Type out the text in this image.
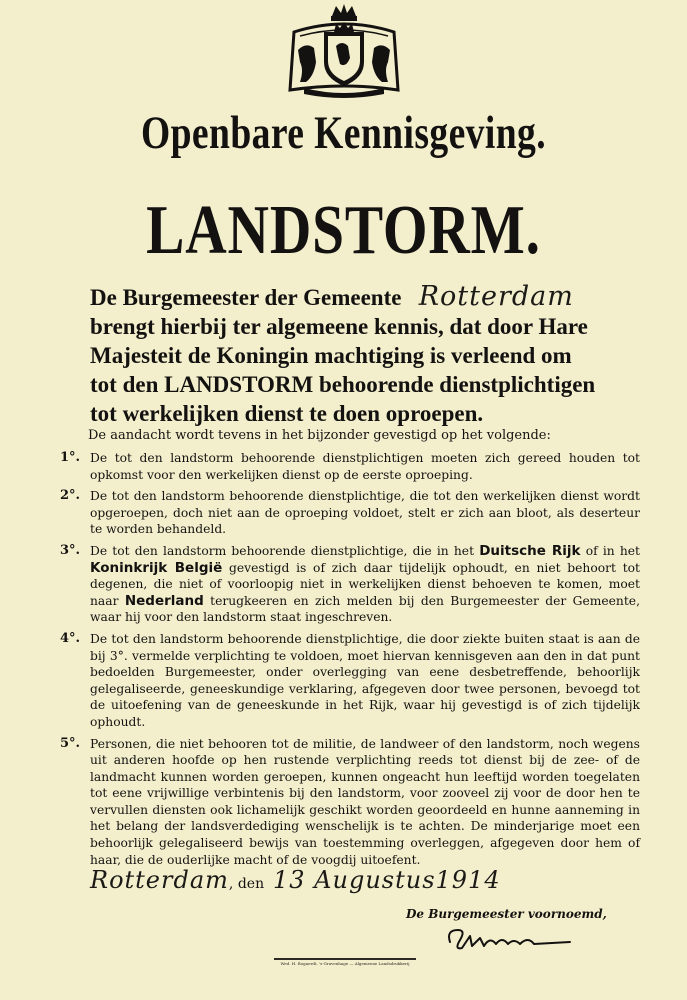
Openbare Kennisgeving.
LANDSTORM.
De Burgemeester der Gemeente Rotterdam
brengt hierbij ter algemeene kennis, dat door Hare
Majesteit de Koningin machtiging is verleend om
tot den LANDSTORM behoorende dienstplichtigen
tot werkelijken dienst te doen oproepen.
De aandacht wordt tevens in het bijzonder gevestigd op het volgende:
1°. De tot den landstorm behoorende dienstplichtigen moeten zich gereed houden tot opkomst voor den werkelijken dienst op de eerste oproeping.
2°. De tot den landstorm behoorende dienstplichtige, die tot den werkelijken dienst wordt opgeroepen, doch niet aan de oproeping voldoet, stelt er zich aan bloot, als deserteur te worden behandeld.
3°. De tot den landstorm behoorende dienstplichtige, die in het Duitsche Rijk of in het Koninkrijk België gevestigd is of zich daar tijdelijk ophoudt, en niet behoort tot degenen, die niet of voorloopig niet in werkelijken dienst behoeven te komen, moet naar Nederland terugkeeren en zich melden bij den Burgemeester der Gemeente, waar hij voor den landstorm staat ingeschreven.
4°. De tot den landstorm behoorende dienstplichtige, die door ziekte buiten staat is aan de bij 3°. vermelde verplichting te voldoen, moet hiervan kennisgeven aan den in dat punt bedoelden Burgemeester, onder overlegging van eene desbetreffende, behoorlijk gelegaliseerde, geneeskundige verklaring, afgegeven door twee personen, bevoegd tot de uitoefening van de geneeskunde in het Rijk, waar hij gevestigd is of zich tijdelijk ophoudt.
5°. Personen, die niet behooren tot de militie, de landweer of den landstorm, noch wegens uit anderen hoofde op hen rustende verplichting reeds tot dienst bij de zee- of de landmacht kunnen worden geroepen, kunnen ongeacht hun leeftijd worden toegelaten tot eene vrijwillige verbintenis bij den landstorm, voor zooveel zij voor de door hen te vervullen diensten ook lichamelijk geschikt worden geoordeeld en hunne aanneming in het belang der landsverdediging wenschelijk is te achten. De minderjarige moet een behoorlijk gelegaliseerd bewijs van toestemming overleggen, afgegeven door hem of haar, die de ouderlijke macht of de voogdij uitoefent.
Rotterdam, den 13 Augustus1914
De Burgemeester voornoemd,
Wed. H. Bogaerdt, 's-Gravenhage — Algemeene Landsdrukkerij
